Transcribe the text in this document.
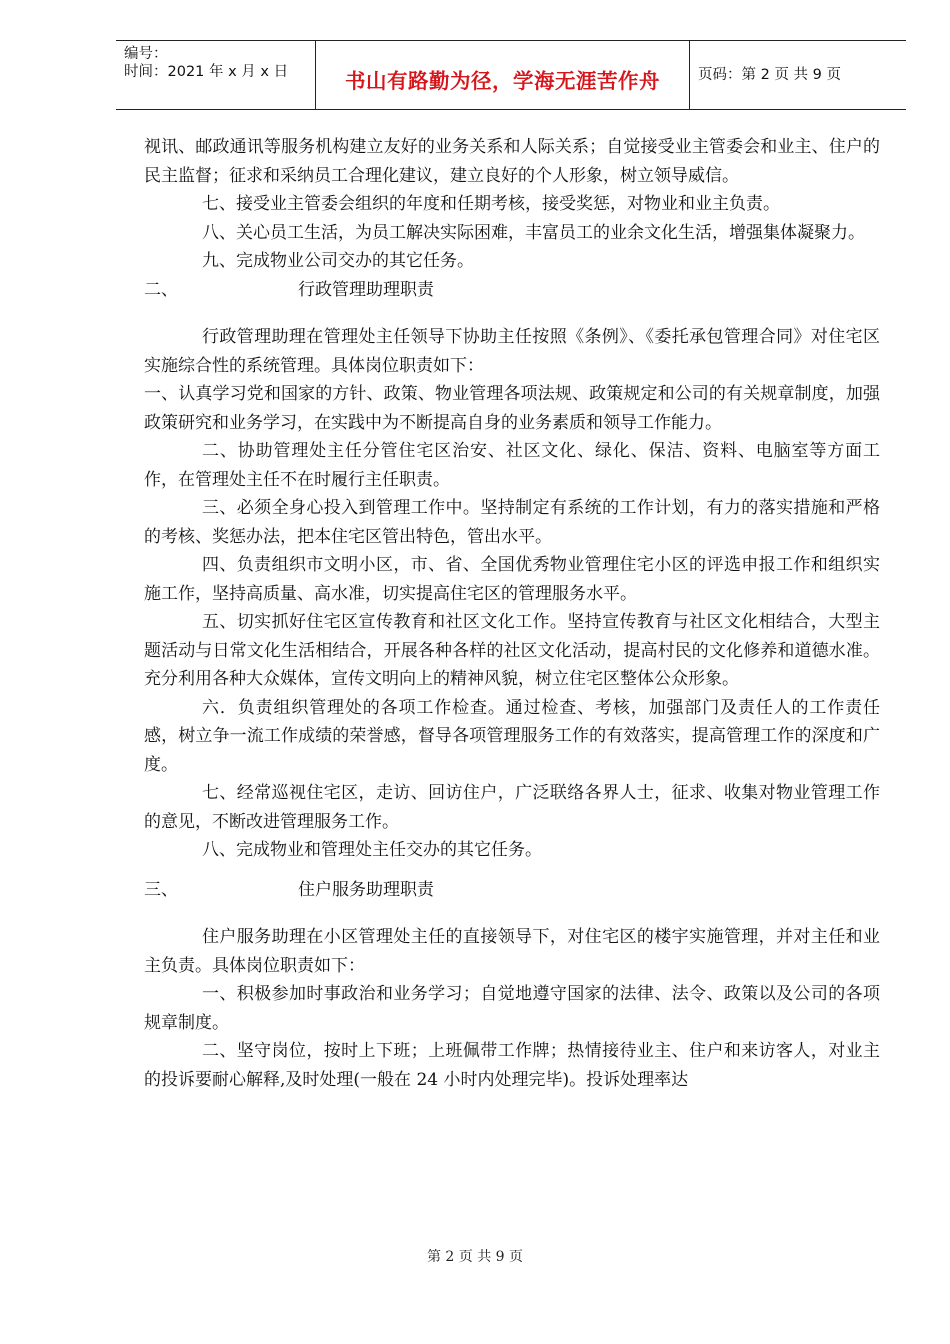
编号：
时间：2021 年 x 月 x 日	书山有路勤为径，学海无涯苦作舟	页码：第 2 页 共 9 页

视讯、邮政通讯等服务机构建立友好的业务关系和人际关系；自觉接受业主管委会和业主、住户的民主监督；征求和采纳员工合理化建议，建立良好的个人形象，树立领导威信。

七、接受业主管委会组织的年度和任期考核，接受奖惩，对物业和业主负责。

八、关心员工生活，为员工解决实际困难，丰富员工的业余文化生活，增强集体凝聚力。

九、完成物业公司交办的其它任务。

二、	行政管理助理职责

行政管理助理在管理处主任领导下协助主任按照《条例》、《委托承包管理合同》对住宅区实施综合性的系统管理。具体岗位职责如下：

一、认真学习党和国家的方针、政策、物业管理各项法规、政策规定和公司的有关规章制度，加强政策研究和业务学习，在实践中为不断提高自身的业务素质和领导工作能力。

二、协助管理处主任分管住宅区治安、社区文化、绿化、保洁、资料、电脑室等方面工作，在管理处主任不在时履行主任职责。

三、必须全身心投入到管理工作中。坚持制定有系统的工作计划，有力的落实措施和严格的考核、奖惩办法，把本住宅区管出特色，管出水平。

四、负责组织市文明小区，市、省、全国优秀物业管理住宅小区的评选申报工作和组织实施工作，坚持高质量、高水准，切实提高住宅区的管理服务水平。

五、切实抓好住宅区宣传教育和社区文化工作。坚持宣传教育与社区文化相结合，大型主题活动与日常文化生活相结合，开展各种各样的社区文化活动，提高村民的文化修养和道德水准。充分利用各种大众媒体，宣传文明向上的精神风貌，树立住宅区整体公众形象。

六．负责组织管理处的各项工作检查。通过检查、考核，加强部门及责任人的工作责任感，树立争一流工作成绩的荣誉感，督导各项管理服务工作的有效落实，提高管理工作的深度和广度。

七、经常巡视住宅区，走访、回访住户，广泛联络各界人士，征求、收集对物业管理工作的意见，不断改进管理服务工作。

八、完成物业和管理处主任交办的其它任务。

三、	住户服务助理职责

住户服务助理在小区管理处主任的直接领导下，对住宅区的楼宇实施管理，并对主任和业主负责。具体岗位职责如下：

一、积极参加时事政治和业务学习；自觉地遵守国家的法律、法令、政策以及公司的各项规章制度。

二、坚守岗位，按时上下班；上班佩带工作牌；热情接待业主、住户和来访客人，对业主的投诉要耐心解释,及时处理(一般在 24 小时内处理完毕)。投诉处理率达

第 2 页 共 9 页
